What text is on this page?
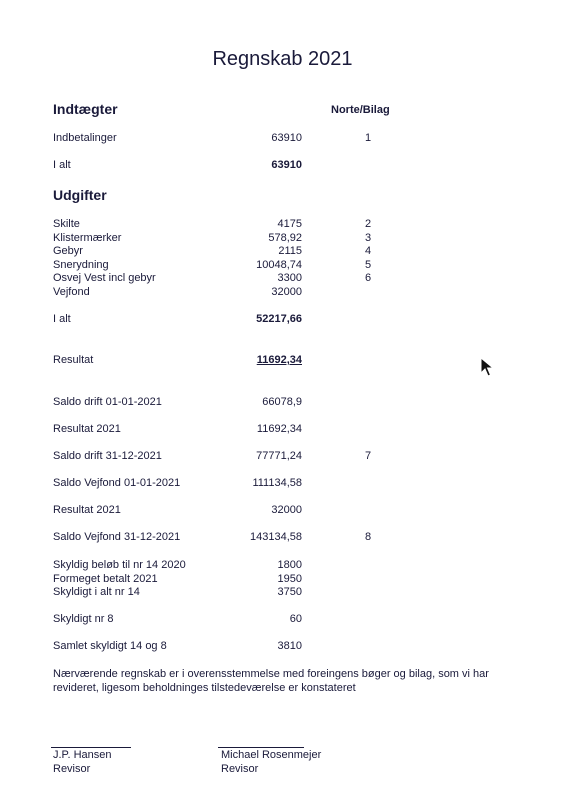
Regnskab 2021
Indtægter	Norte/Bilag
Indbetalinger	63910	1
I alt	63910
Udgifter
Skilte	4175	2
Klistermærker	578,92	3
Gebyr	2115	4
Snerydning	10048,74	5
Osvej Vest incl gebyr	3300	6
Vejfond	32000
I alt	52217,66
Resultat	11692,34
Saldo drift 01-01-2021	66078,9
Resultat 2021	11692,34
Saldo drift 31-12-2021	77771,24	7
Saldo Vejfond 01-01-2021	111134,58
Resultat 2021	32000
Saldo Vejfond 31-12-2021	143134,58	8
Skyldig beløb til nr 14 2020	1800
Formeget betalt 2021	1950
Skyldigt i alt nr 14	3750
Skyldigt nr 8	60
Samlet skyldigt 14 og 8	3810
Nærværende regnskab er i overensstemmelse med foreingens bøger og bilag, som vi har revideret, ligesom beholdninges tilstedeværelse er konstateret
J.P. Hansen
Revisor
Michael Rosenmejer
Revisor
